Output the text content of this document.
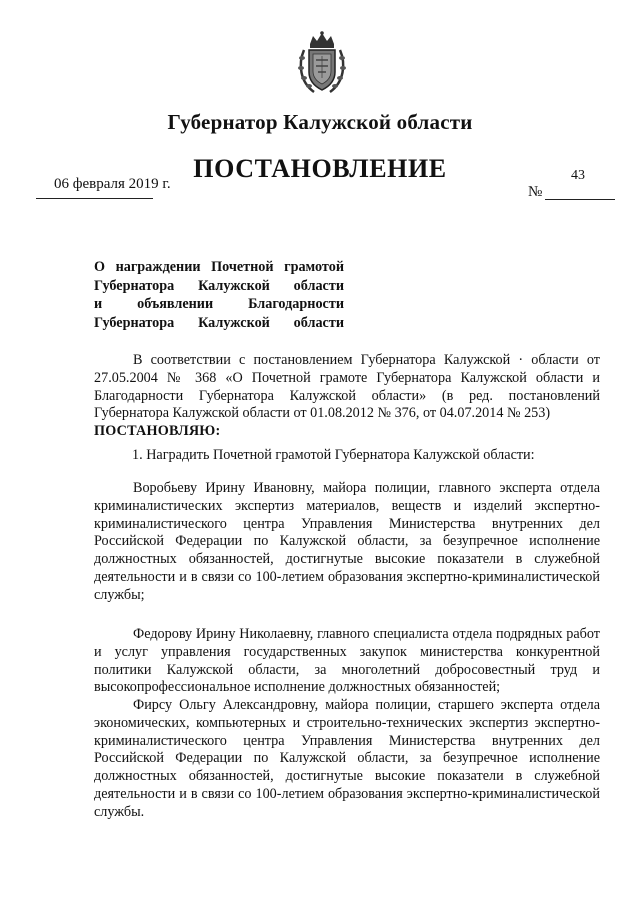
Губернатор Калужской области
ПОСТАНОВЛЕНИЕ
06 февраля 2019 г.
43
№
О награждении Почетной грамотой
Губернатора Калужской области
и объявлении Благодарности
Губернатора Калужской области
В соответствии с постановлением Губернатора Калужской · области от 27.05.2004 № 368 «О Почетной грамоте Губернатора Калужской области и Благодарности Губернатора Калужской области» (в ред. постановлений Губернатора Калужской области от 01.08.2012 № 376, от 04.07.2014 № 253)
ПОСТАНОВЛЯЮ:
1. Наградить Почетной грамотой Губернатора Калужской области:
Воробьеву Ирину Ивановну, майора полиции, главного эксперта отдела криминалистических экспертиз материалов, веществ и изделий экспертно-криминалистического центра Управления Министерства внутренних дел Российской Федерации по Калужской области, за безупречное исполнение должностных обязанностей, достигнутые высокие показатели в служебной деятельности и в связи со 100-летием образования экспертно-криминалистической службы;
Федорову Ирину Николаевну, главного специалиста отдела подрядных работ и услуг управления государственных закупок министерства конкурентной политики Калужской области, за многолетний добросовестный труд и высокопрофессиональное исполнение должностных обязанностей;
Фирсу Ольгу Александровну, майора полиции, старшего эксперта отдела экономических, компьютерных и строительно-технических экспертиз экспертно-криминалистического центра Управления Министерства внутренних дел Российской Федерации по Калужской области, за безупречное исполнение должностных обязанностей, достигнутые высокие показатели в служебной деятельности и в связи со 100-летием образования экспертно-криминалистической службы.
